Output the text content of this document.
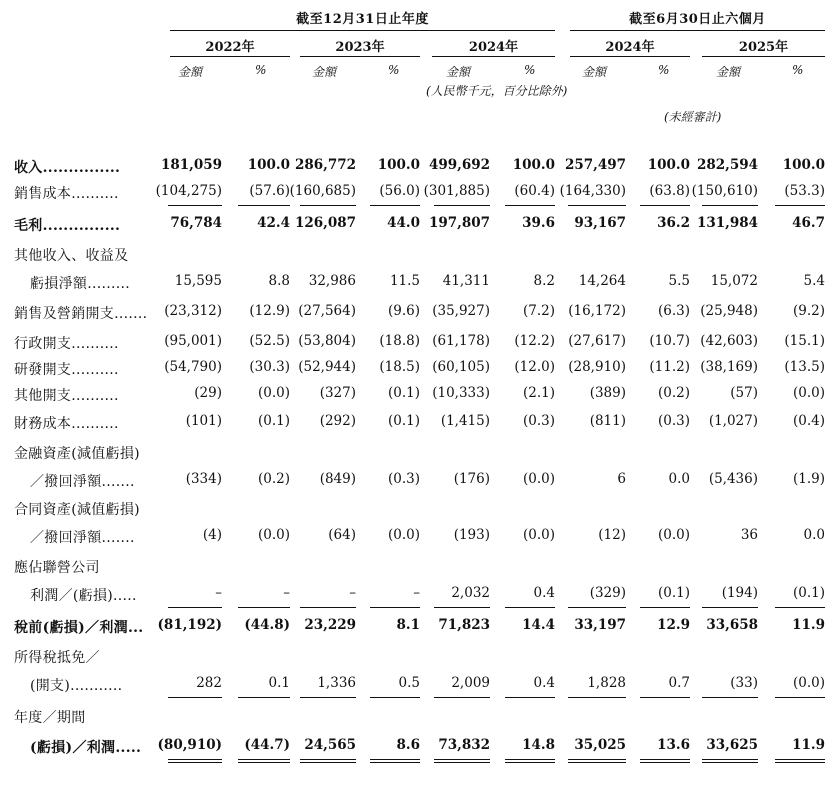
截至12月31日止年度	截至6月30日止六個月
2022年	2023年	2024年	2024年	2025年
金額	%	金額	%	金額	%	金額	%	金額	%
(人民幣千元，百分比除外)
(未經審計)
收入...............	181,059 100.0 286,772 100.0 499,692 100.0 257,497 100.0 282,594 100.0
銷售成本..........	(104,275) (57.6) (160,685) (56.0) (301,885) (60.4) (164,330) (63.8) (150,610) (53.3)
毛利...............	76,784	42.4 126,087 44.0 197,807 39.6 93,167 36.2 131,984	46.7
其他收入、收益及
虧損淨額.........	15,595	8.8 32,986	11.5 41,311	8.2 14,264	5.5 15,072	5.4
銷售及營銷開支....... (23,312) (12.9) (27,564) (9.6) (35,927) (7.2) (16,172) (6.3) (25,948)	(9.2)
行政開支..........	(95,001) (52.5) (53,804) (18.8) (61,178) (12.2) (27,617) (10.7) (42,603) (15.1)
研發開支..........	(54,790) (30.3) (52,944) (18.5) (60,105) (12.0) (28,910) (11.2) (38,169) (13.5)
其他開支..........	(29)	(0.0) (327) (0.1) (10,333) (2.1)	(389) (0.2)	(57)	(0.0)
財務成本..........	(101)	(0.1) (292) (0.1) (1,415) (0.3)	(811) (0.3) (1,027)	(0.4)
金融資產(減值虧損)
／撥回淨額.......	(334)	(0.2) (849) (0.3) (176) (0.0)	6	0.0 (5,436)	(1.9)
合同資產(減值虧損)
／撥回淨額.......	(4)	(0.0)	(64) (0.0) (193) (0.0)	(12) (0.0)	36	0.0
應佔聯營公司
利潤／(虧損).....	–	–	–	– 2,032	0.4	(329) (0.1) (194)	(0.1)
稅前(虧損)／利潤... (81,192) (44.8) 23,229	8.1 71,823 14.4 33,197 12.9 33,658	11.9
所得稅抵免／
(開支)...........	282	0.1 1,336	0.5 2,009	0.4 1,828	0.7	(33)	(0.0)
年度／期間
(虧損)／利潤..... (80,910) (44.7) 24,565	8.6 73,832 14.8 35,025 13.6 33,625	11.9
